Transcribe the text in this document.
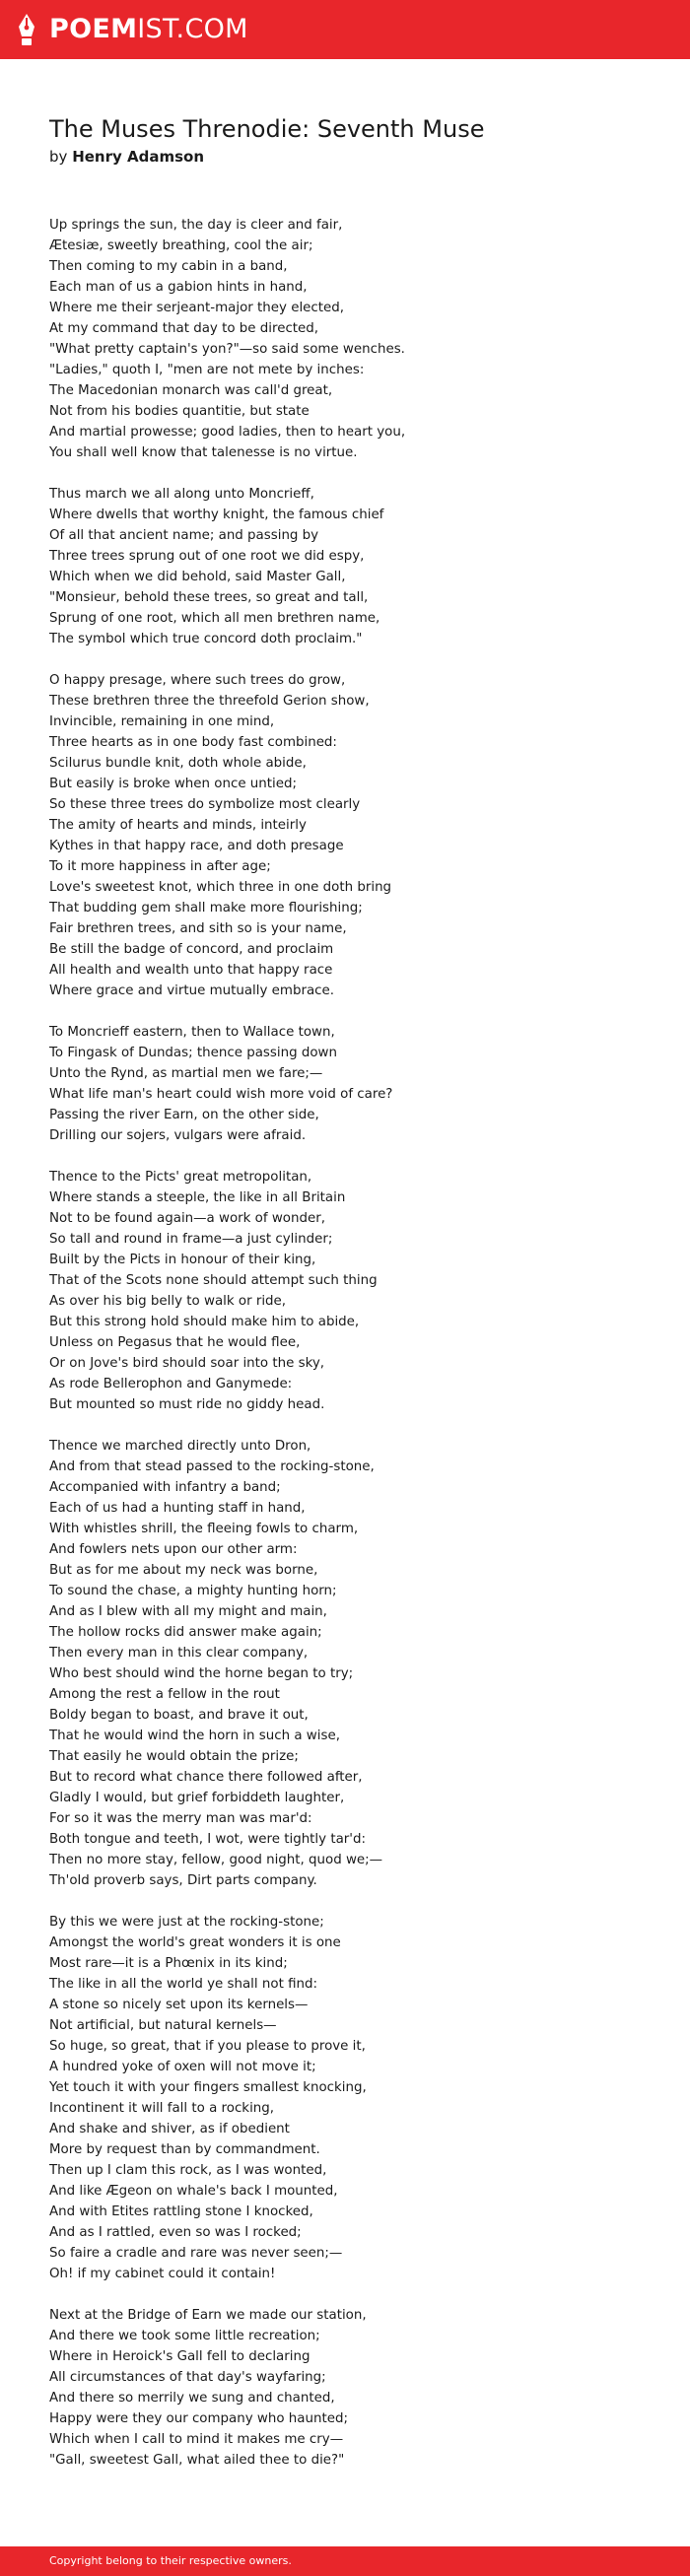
POEMIST.COM
The Muses Threnodie: Seventh Muse
by Henry Adamson
Up springs the sun, the day is cleer and fair,
Ætesiæ, sweetly breathing, cool the air;
Then coming to my cabin in a band,
Each man of us a gabion hints in hand,
Where me their serjeant-major they elected,
At my command that day to be directed,
"What pretty captain's yon?"—so said some wenches.
"Ladies," quoth I, "men are not mete by inches:
The Macedonian monarch was call'd great,
Not from his bodies quantitie, but state
And martial prowesse; good ladies, then to heart you,
You shall well know that talenesse is no virtue.
Thus march we all along unto Moncrieff,
Where dwells that worthy knight, the famous chief
Of all that ancient name; and passing by
Three trees sprung out of one root we did espy,
Which when we did behold, said Master Gall,
"Monsieur, behold these trees, so great and tall,
Sprung of one root, which all men brethren name,
The symbol which true concord doth proclaim."
O happy presage, where such trees do grow,
These brethren three the threefold Gerion show,
Invincible, remaining in one mind,
Three hearts as in one body fast combined:
Scilurus bundle knit, doth whole abide,
But easily is broke when once untied;
So these three trees do symbolize most clearly
The amity of hearts and minds, inteirly
Kythes in that happy race, and doth presage
To it more happiness in after age;
Love's sweetest knot, which three in one doth bring
That budding gem shall make more flourishing;
Fair brethren trees, and sith so is your name,
Be still the badge of concord, and proclaim
All health and wealth unto that happy race
Where grace and virtue mutually embrace.
To Moncrieff eastern, then to Wallace town,
To Fingask of Dundas; thence passing down
Unto the Rynd, as martial men we fare;—
What life man's heart could wish more void of care?
Passing the river Earn, on the other side,
Drilling our sojers, vulgars were afraid.
Thence to the Picts' great metropolitan,
Where stands a steeple, the like in all Britain
Not to be found again—a work of wonder,
So tall and round in frame—a just cylinder;
Built by the Picts in honour of their king,
That of the Scots none should attempt such thing
As over his big belly to walk or ride,
But this strong hold should make him to abide,
Unless on Pegasus that he would flee,
Or on Jove's bird should soar into the sky,
As rode Bellerophon and Ganymede:
But mounted so must ride no giddy head.
Thence we marched directly unto Dron,
And from that stead passed to the rocking-stone,
Accompanied with infantry a band;
Each of us had a hunting staff in hand,
With whistles shrill, the fleeing fowls to charm,
And fowlers nets upon our other arm:
But as for me about my neck was borne,
To sound the chase, a mighty hunting horn;
And as I blew with all my might and main,
The hollow rocks did answer make again;
Then every man in this clear company,
Who best should wind the horne began to try;
Among the rest a fellow in the rout
Boldy began to boast, and brave it out,
That he would wind the horn in such a wise,
That easily he would obtain the prize;
But to record what chance there followed after,
Gladly I would, but grief forbiddeth laughter,
For so it was the merry man was mar'd:
Both tongue and teeth, I wot, were tightly tar'd:
Then no more stay, fellow, good night, quod we;—
Th'old proverb says, Dirt parts company.
By this we were just at the rocking-stone;
Amongst the world's great wonders it is one
Most rare—it is a Phœnix in its kind;
The like in all the world ye shall not find:
A stone so nicely set upon its kernels—
Not artificial, but natural kernels—
So huge, so great, that if you please to prove it,
A hundred yoke of oxen will not move it;
Yet touch it with your fingers smallest knocking,
Incontinent it will fall to a rocking,
And shake and shiver, as if obedient
More by request than by commandment.
Then up I clam this rock, as I was wonted,
And like Ægeon on whale's back I mounted,
And with Etites rattling stone I knocked,
And as I rattled, even so was I rocked;
So faire a cradle and rare was never seen;—
Oh! if my cabinet could it contain!
Next at the Bridge of Earn we made our station,
And there we took some little recreation;
Where in Heroick's Gall fell to declaring
All circumstances of that day's wayfaring;
And there so merrily we sung and chanted,
Happy were they our company who haunted;
Which when I call to mind it makes me cry—
"Gall, sweetest Gall, what ailed thee to die?"
Copyright belong to their respective owners.
